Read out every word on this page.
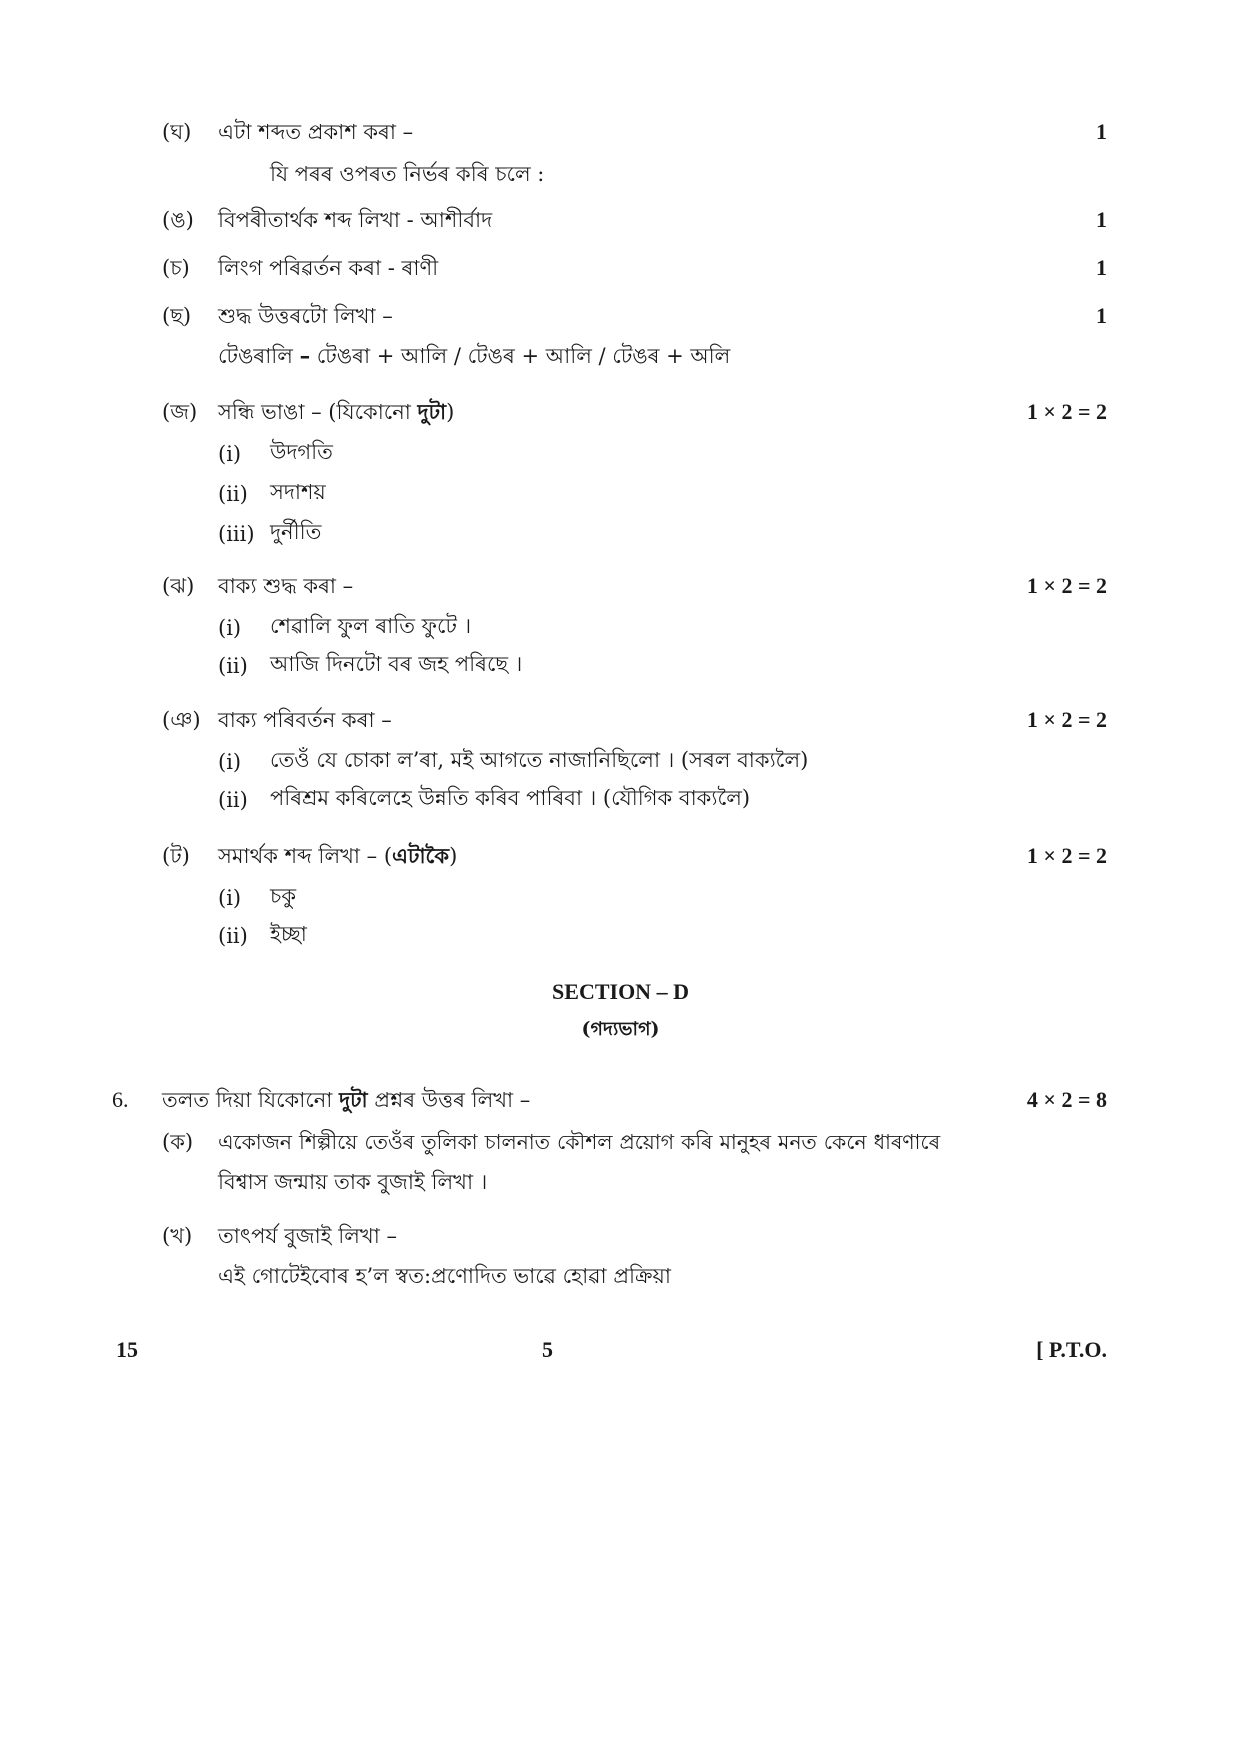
(ঘ) এটা শব্দত প্ৰকাশ কৰা –	1
যি পৰৰ ওপৰত নিৰ্ভৰ কৰি চলে :
(ঙ) বিপৰীতাৰ্থক শব্দ লিখা - আশীৰ্বাদ	1
(চ) লিংগ পৰিৱৰ্তন কৰা - ৰাণী	1
(ছ) শুদ্ধ উত্তৰটো লিখা –	1
টেঙৰালি – টেঙৰা + আলি / টেঙৰ + আলি / টেঙৰ + অলি
(জ) সন্ধি ভাঙা – (যিকোনো দুটা)	1 × 2 = 2
(i) উদগতি
(ii) সদাশয়
(iii) দুৰ্নীতি
(ঝ) বাক্য শুদ্ধ কৰা –	1 × 2 = 2
(i) শেৱালি ফুল ৰাতি ফুটে ।
(ii) আজি দিনটো বৰ জহ পৰিছে ।
(ঞ) বাক্য পৰিবৰ্তন কৰা –	1 × 2 = 2
(i) তেওঁ যে চোকা ল’ৰা, মই আগতে নাজানিছিলো । (সৰল বাক্যলৈ)
(ii) পৰিশ্ৰম কৰিলেহে উন্নতি কৰিব পাৰিবা । (যৌগিক বাক্যলৈ)
(ট) সমাৰ্থক শব্দ লিখা – (এটাকৈ)	1 × 2 = 2
(i) চকু
(ii) ইচ্ছা
SECTION – D
(গদ্যভাগ)
6. তলত দিয়া যিকোনো দুটা প্ৰশ্নৰ উত্তৰ লিখা –	4 × 2 = 8
(ক) একোজন শিল্পীয়ে তেওঁৰ তুলিকা চালনাত কৌশল প্ৰয়োগ কৰি মানুহৰ মনত কেনে ধাৰণাৰে
বিশ্বাস জন্মায় তাক বুজাই লিখা ।
(খ) তাৎপৰ্য বুজাই লিখা –
এই গোটেইবোৰ হ’ল স্বত:প্ৰণোদিত ভাৱে হোৱা প্ৰক্ৰিয়া
15	5	[ P.T.O.
